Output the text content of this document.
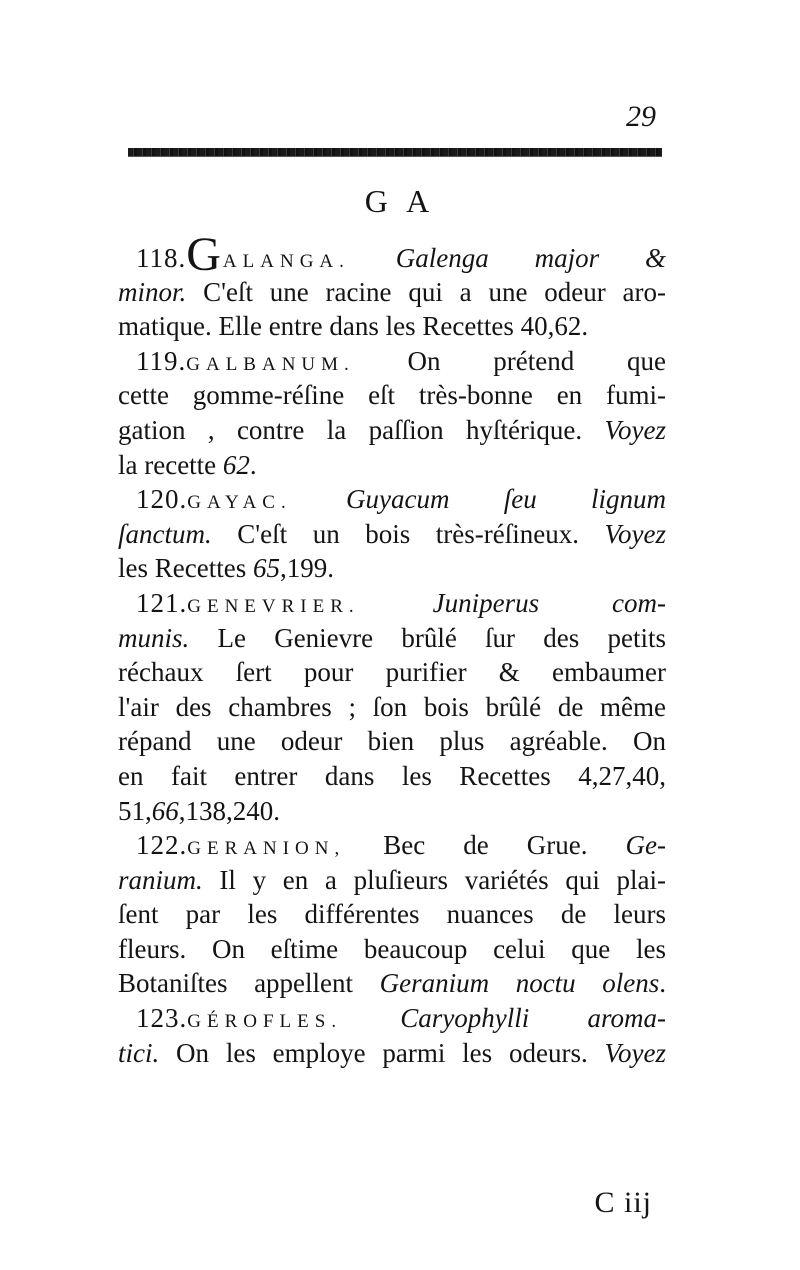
29
G A
118.G ALANGA. Galenga major &
minor. C'eſt une racine qui a une odeur aro-
matique. Elle entre dans les Recettes 40,62.
119.GALBANUM. On prétend que
cette gomme-réſine eſt très-bonne en fumi-
gation , contre la paſſion hyſtérique. Voyez
la recette 62.
120.GAYAC. Guyacum ſeu lignum
ſanctum. C'eſt un bois très-réſineux. Voyez
les Recettes 65,199.
121.GENEVRIER.	Juniperus com-
munis. Le Genievre brûlé ſur des petits
réchaux ſert pour purifier & embaumer
l'air des chambres ; ſon bois brûlé de même
répand une odeur bien plus agréable. On
en fait entrer dans les Recettes 4,27,40,
51,66,138,240.
122.GERANION, Bec de Grue. Ge-
ranium. Il y en a pluſieurs variétés qui plai-
ſent par les différentes nuances de leurs
fleurs. On eſtime beaucoup celui que les
Botaniſtes appellent Geranium noctu olens.
123.GÉROFLES. Caryophylli aroma-
tici. On les employe parmi les odeurs. Voyez
C iij
